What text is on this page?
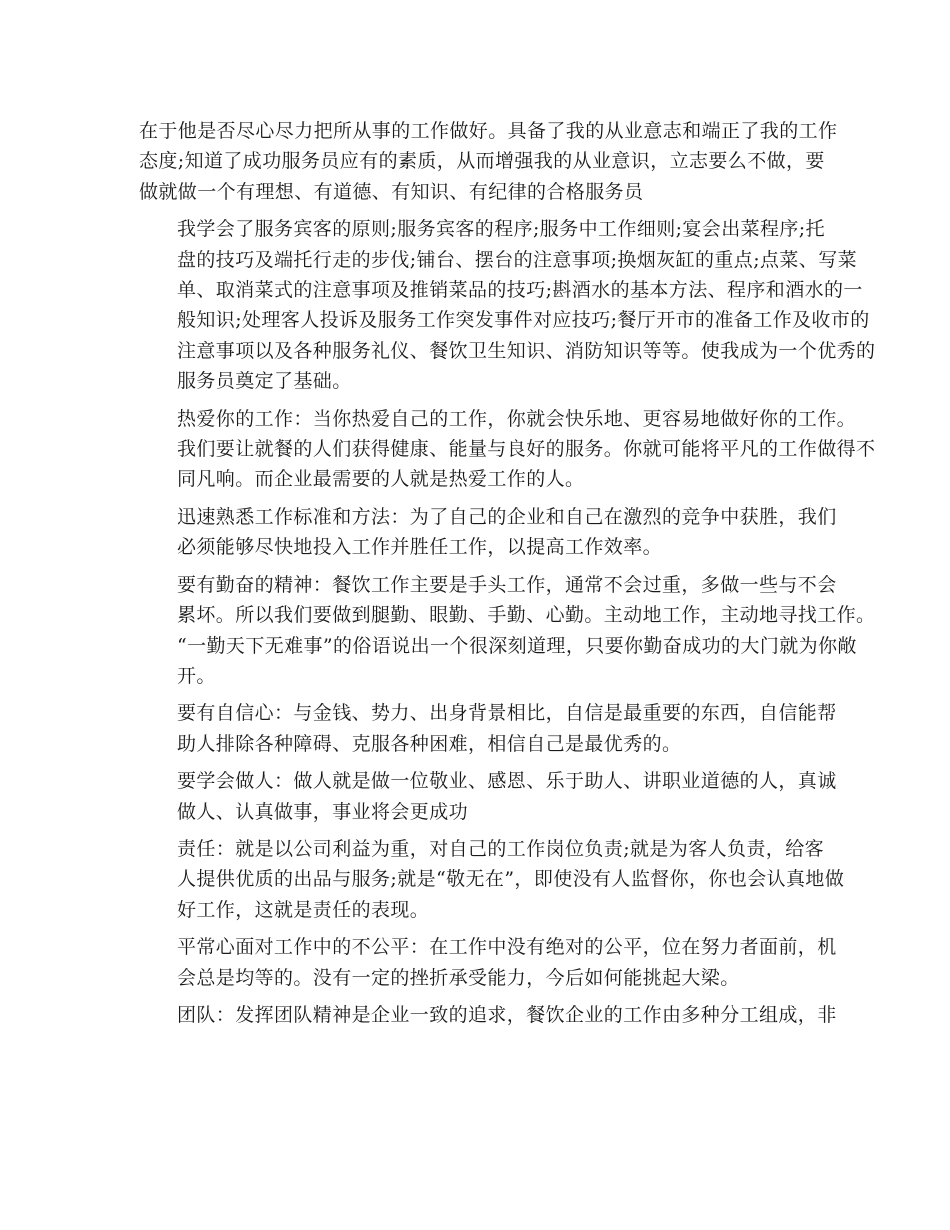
在于他是否尽心尽力把所从事的工作做好。具备了我的从业意志和端正了我的工作
态度;知道了成功服务员应有的素质，从而增强我的从业意识，立志要么不做，要
做就做一个有理想、有道德、有知识、有纪律的合格服务员

我学会了服务宾客的原则;服务宾客的程序;服务中工作细则;宴会出菜程序;托
盘的技巧及端托行走的步伐;铺台、摆台的注意事项;换烟灰缸的重点;点菜、写菜
单、取消菜式的注意事项及推销菜品的技巧;斟酒水的基本方法、程序和酒水的一
般知识;处理客人投诉及服务工作突发事件对应技巧;餐厅开市的准备工作及收市的
注意事项以及各种服务礼仪、餐饮卫生知识、消防知识等等。使我成为一个优秀的
服务员奠定了基础。

热爱你的工作：当你热爱自己的工作，你就会快乐地、更容易地做好你的工作。
我们要让就餐的人们获得健康、能量与良好的服务。你就可能将平凡的工作做得不
同凡响。而企业最需要的人就是热爱工作的人。

迅速熟悉工作标准和方法：为了自己的企业和自己在激烈的竞争中获胜，我们
必须能够尽快地投入工作并胜任工作，以提高工作效率。

要有勤奋的精神：餐饮工作主要是手头工作，通常不会过重，多做一些与不会
累坏。所以我们要做到腿勤、眼勤、手勤、心勤。主动地工作，主动地寻找工作。
“一勤天下无难事”的俗语说出一个很深刻道理，只要你勤奋成功的大门就为你敞
开。

要有自信心：与金钱、势力、出身背景相比，自信是最重要的东西，自信能帮
助人排除各种障碍、克服各种困难，相信自己是最优秀的。

要学会做人：做人就是做一位敬业、感恩、乐于助人、讲职业道德的人，真诚
做人、认真做事，事业将会更成功

责任：就是以公司利益为重，对自己的工作岗位负责;就是为客人负责，给客
人提供优质的出品与服务;就是“敬无在”，即使没有人监督你，你也会认真地做
好工作，这就是责任的表现。

平常心面对工作中的不公平：在工作中没有绝对的公平，位在努力者面前，机
会总是均等的。没有一定的挫折承受能力，今后如何能挑起大梁。

团队：发挥团队精神是企业一致的追求，餐饮企业的工作由多种分工组成，非
